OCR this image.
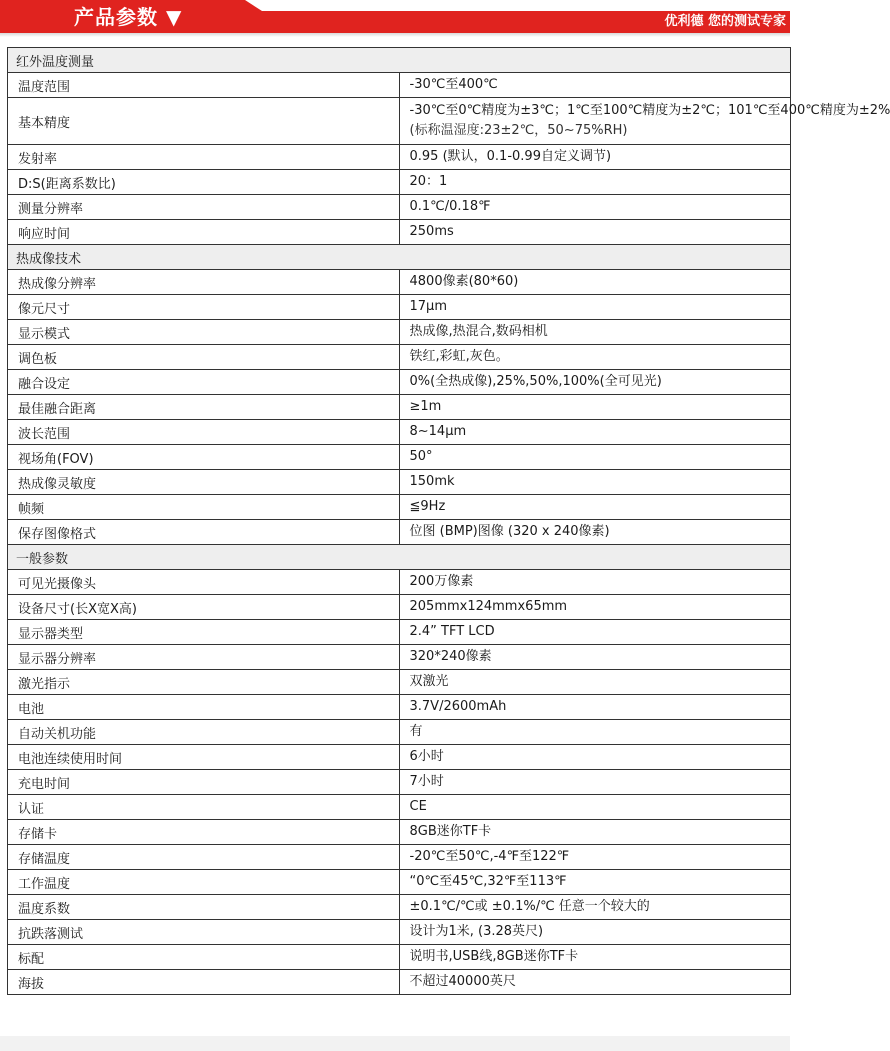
产品参数 ▼	优利德 您的测试专家
红外温度测量	
温度范围	-30℃至400℃

基本精度	-30℃至0℃精度为±3℃；1℃至100℃精度为±2℃；101℃至400℃精度为±2%
(标称温湿度:23±2℃，50~75%RH)

发射率	0.95 (默认，0.1-0.99自定义调节)

D:S(距离系数比)	20：1

测量分辨率	0.1℃/0.18℉

响应时间	250ms

热成像技术	
热成像分辨率	4800像素(80*60)

像元尺寸	17μm

显示模式	热成像,热混合,数码相机

调色板	铁红,彩虹,灰色。

融合设定	0%(全热成像),25%,50%,100%(全可见光)

最佳融合距离	≥1m

波长范围	8~14μm

视场角(FOV)	50°

热成像灵敏度	150mk

帧频	≦9Hz

保存图像格式	位图 (BMP)图像 (320 x 240像素)

一般参数	
可见光摄像头	200万像素

设备尺寸(长X宽X高)	205mmx124mmx65mm

显示器类型	2.4” TFT LCD

显示器分辨率	320*240像素

激光指示	双激光

电池	3.7V/2600mAh

自动关机功能	有

电池连续使用时间	6小时

充电时间	7小时

认证	CE

存储卡	8GB迷你TF卡

存储温度	-20℃至50℃,-4℉至122℉

工作温度	“0℃至45℃,32℉至113℉

温度系数	±0.1℃/℃或 ±0.1%/℃ 任意一个较大的

抗跌落测试	设计为1米, (3.28英尺)

标配	说明书,USB线,8GB迷你TF卡

海拔	不超过40000英尺
